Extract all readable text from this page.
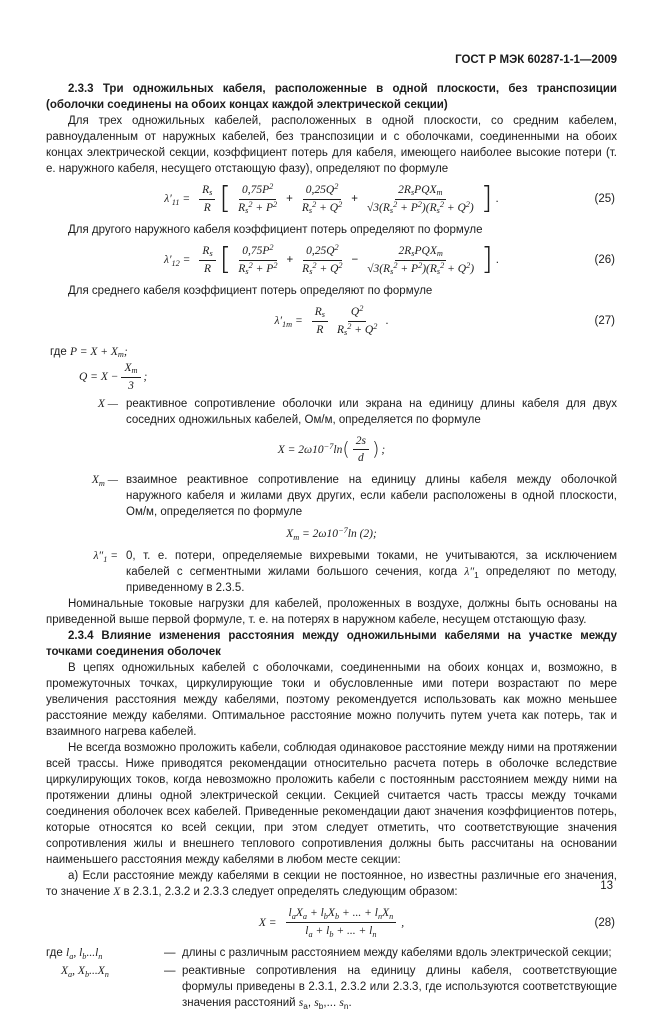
ГОСТ Р МЭК 60287-1-1—2009

2.3.3 Три одножильных кабеля, расположенные в одной плоскости, без транспозиции (оболочки соединены на обоих концах каждой электрической секции)

Для трех одножильных кабелей, расположенных в одной плоскости, со средним кабелем, равноудаленным от наружных кабелей, без транспозиции и с оболочками, соединенными на обоих концах электрической секции, коэффициент потерь для кабеля, имеющего наиболее высокие потери (т. е. наружного кабеля, несущего отстающую фазу), определяют по формуле

$\lambda'_{11} = \frac{R_s}{R}$ [ $\frac{0,75P^2}{R_s^2 + P^2} + \frac{0,25Q^2}{R_s^2 + Q^2} + \frac{2R_sPQX_m}{√3(R_s^2 + P^2)(R_s^2 + Q^2)}$ ] .	(25)

Для другого наружного кабеля коэффициент потерь определяют по формуле

$\lambda'_{12} = \frac{R_s}{R}$ [ $\frac{0,75P^2}{R_s^2 + P^2} + \frac{0,25Q^2}{R_s^2 + Q^2} - \frac{2R_sPQX_m}{√3(R_s^2 + P^2)(R_s^2 + Q^2)}$ ] .	(26)

Для среднего кабеля коэффициент потерь определяют по формуле

$\lambda'_{1m} = \frac{R_s}{R} \frac{Q^2}{R_s^2 + Q^2}$ .	(27)
где $P = X + X_m$;
$Q = X - \frac{X_m}{3}$ ;
X — реактивное сопротивление оболочки или экрана на единицу длины кабеля для двух соседних одножильных кабелей, Ом/м, определяется по формуле
$X = 2\omega 10^{-7}\ln$ ( $\frac{2s}{d}$ ) ;
$X_m$ — взаимное реактивное сопротивление на единицу длины кабеля между оболочкой наружного кабеля и жилами двух других, если кабели расположены в одной плоскости, Ом/м, определяется по формуле
$X_m = 2\omega 10^{-7}\ln$ (2);
$\lambda''_1 = 0$, т. е. потери, определяемые вихревыми токами, не учитываются, за исключением кабелей с сегментными жилами большого сечения, когда $\lambda''_1$ определяют по методу, приведенному в 2.3.5.

Номинальные токовые нагрузки для кабелей, проложенных в воздухе, должны быть основаны на приведенной выше первой формуле, т. е. на потерях в наружном кабеле, несущем отстающую фазу.

2.3.4 Влияние изменения расстояния между одножильными кабелями на участке между точками соединения оболочек

В цепях одножильных кабелей с оболочками, соединенными на обоих концах и, возможно, в промежуточных точках, циркулирующие токи и обусловленные ими потери возрастают по мере увеличения расстояния между кабелями, поэтому рекомендуется использовать как можно меньшее расстояние между кабелями. Оптимальное расстояние можно получить путем учета как потерь, так и взаимного нагрева кабелей.

Не всегда возможно проложить кабели, соблюдая одинаковое расстояние между ними на протяжении всей трассы. Ниже приводятся рекомендации относительно расчета потерь в оболочке вследствие циркулирующих токов, когда невозможно проложить кабели с постоянным расстоянием между ними на протяжении длины одной электрической секции. Секцией считается часть трассы между точками соединения оболочек всех кабелей. Приведенные рекомендации дают значения коэффициентов потерь, которые относятся ко всей секции, при этом следует отметить, что соответствующие значения сопротивления жилы и внешнего теплового сопротивления должны быть рассчитаны на основании наименьшего расстояния между кабелями в любом месте секции:

а) Если расстояние между кабелями в секции не постоянное, но известны различные его значения, то значение X в 2.3.1, 2.3.2 и 2.3.3 следует определять следующим образом:

$X = \frac{l_aX_a + l_bX_b + ... + l_nX_n}{l_a + l_b + ... + l_n}$ ,	(28)
где $l_a$, $l_b...l_n$	— длины с различным расстоянием между кабелями вдоль электрической секции;
$X_a$, $X_b...X_n$	— реактивные сопротивления на единицу длины кабеля, соответствующие формулы приведены в 2.3.1, 2.3.2 или 2.3.3, где используются соответствующие значения расстояний $s_a$, $s_b$,... $s_n$.
13
